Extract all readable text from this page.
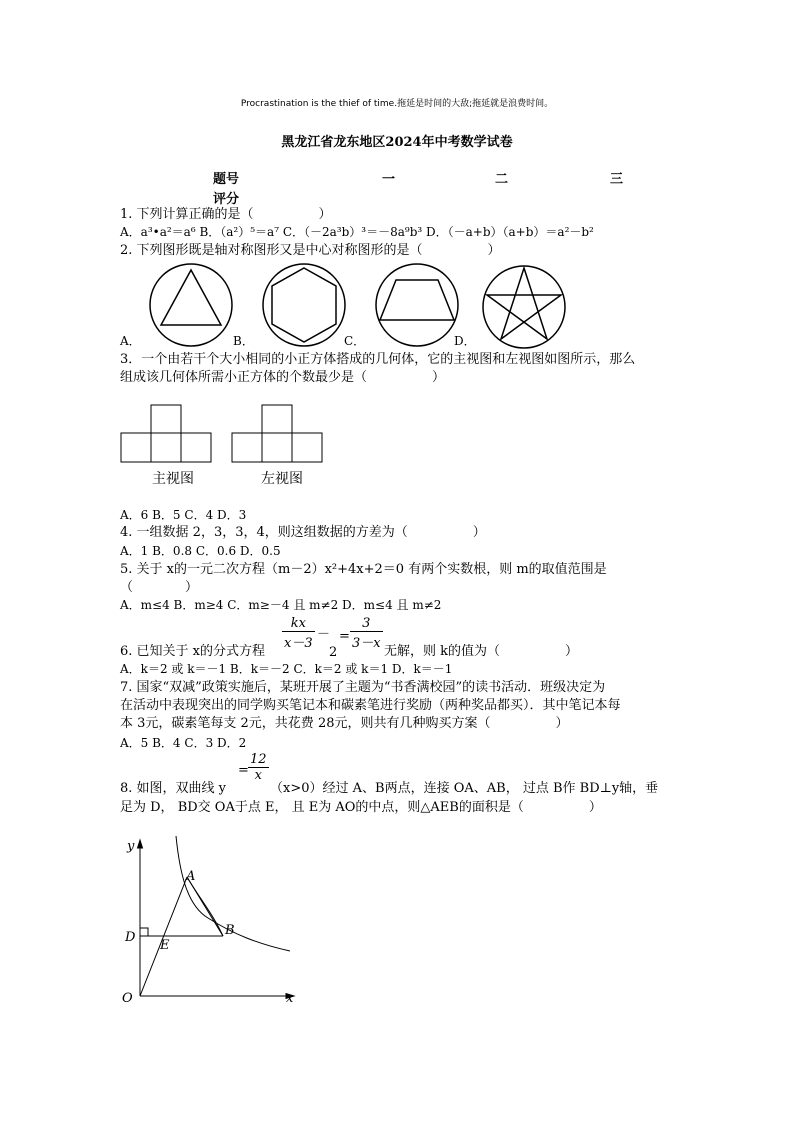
Procrastination is the thief of time.拖延是时间的大敌;拖延就是浪费时间。
黑龙江省龙东地区2024年中考数学试卷
题号	一	二	三
评分
1. 下列计算正确的是（　　　　　）
A．a³•a²＝a⁶ B．（a²）⁵＝a⁷ C．（－2a³b）³＝－8a⁹b³ D．（－a+b）（a+b）＝a²－b²
2. 下列图形既是轴对称图形又是中心对称图形的是（　　　　　）
A．	B．	C．	D．
3．一个由若干个大小相同的小正方体搭成的几何体，它的主视图和左视图如图所示，那么
组成该几何体所需小正方体的个数最少是（　　　　　）
主视图	左视图
A．6 B．5 C．4 D．3
4. 一组数据 2，3，3，4，则这组数据的方差为（　　　　　）
A．1 B．0.8 C．0.6 D．0.5
5. 关于 x的一元二次方程（m－2）x²+4x+2＝0 有两个实数根，则 m的取值范围是
（　　　　）
A．m≤4 B．m≥4 C．m≥－4 且 m≠2 D．m≤4 且 m≠2
$\frac{kx}{x-3}$ － =
2
$\frac{3}{3-x}$
6. 已知关于 x的分式方程	无解，则 k的值为（　　　　　）
A．k＝2 或 k＝－1 B．k＝－2 C．k＝2 或 k＝1 D．k＝－1
7. 国家“双减”政策实施后，某班开展了主题为“书香满校园”的读书活动．班级决定为
在活动中表现突出的同学购买笔记本和碳素笔进行奖励（两种奖品都买）．其中笔记本每
本 3元，碳素笔每支 2元，共花费 28元，则共有几种购买方案（　　　　　）
A．5 B．4 C．3 D．2
= $\frac{12}{x}$
8. 如图，双曲线 y	（x>0）经过 A、B两点，连接 OA、AB， 过点 B作 BD⊥y轴，垂
足为 D， BD交 OA于点 E， 且 E为 AO的中点，则△AEB的面积是（　　　　　）
y
x
O
A
B
D
E
